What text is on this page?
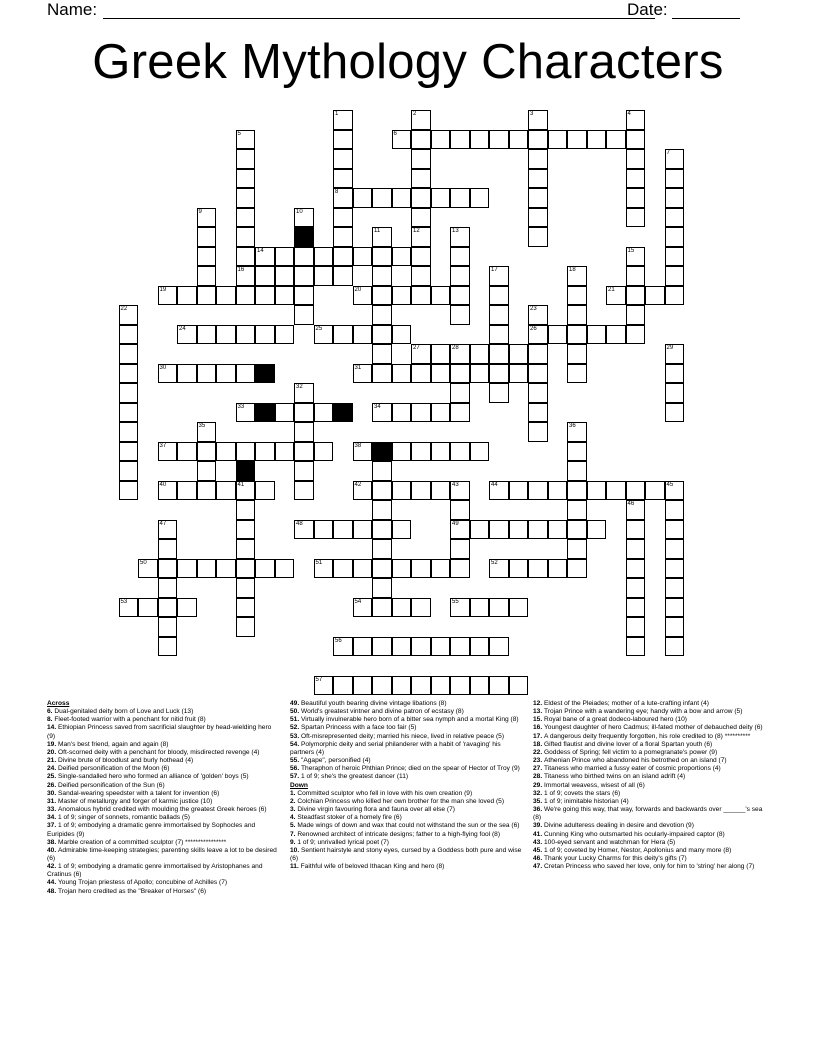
Name:	Date:
Greek Mythology Characters
6
8
14
16
19	20	21
24	25	26
27	28
30	31
33	34
37	38
40	41	42	43	44
48	49
50	51	52
53	54	55
56
57
1	2	3	4
5
7
9	10
11	12	13
15
17	18
22	23
29
32
35	36
45
46
47
Across
6. Dual-genitaled deity born of Love and Luck (13)
8. Fleet-footed warrior with a penchant for nitid fruit (8)
14. Ethiopian Princess saved from sacrificial slaughter by head-wielding hero (9)
19. Man's best friend, again and again (8)
20. Oft-scorned deity with a penchant for bloody, misdirected revenge (4)
21. Divine brute of bloodlust and burly hothead (4)
24. Deified personification of the Moon (6)
25. Single-sandalled hero who formed an alliance of 'golden' boys (5)
26. Deified personification of the Sun (6)
30. Sandal-wearing speedster with a talent for invention (6)
31. Master of metallurgy and forger of karmic justice (10)
33. Anomalous hybrid credited with moulding the greatest Greek heroes (6)
34. 1 of 9; singer of sonnets, romantic ballads (5)
37. 1 of 9; embodying a dramatic genre immortalised by Sophocles and Euripides (9)
38. Marble creation of a committed sculptor (7) ****************
40. Admirable time-keeping strategies; parenting skills leave a lot to be desired (6)
42. 1 of 9; embodying a dramatic genre immortalised by Aristophanes and Cratinus (6)
44. Young Trojan priestess of Apollo; concubine of Achilles (7)
48. Trojan hero credited as the "Breaker of Horses" (6)
49. Beautiful youth bearing divine vintage libations (8)
50. World's greatest vintner and divine patron of ecstasy (8)
51. Virtually invulnerable hero born of a bitter sea nymph and a mortal King (8)
52. Spartan Princess with a face too fair (5)
53. Oft-misrepresented deity; married his niece, lived in relative peace (5)
54. Polymorphic deity and serial philanderer with a habit of 'ravaging' his partners (4)
55. "Agape", personified (4)
56. Theraphon of heroic Phthian Prince; died on the spear of Hector of Troy (9)
57. 1 of 9; she's the greatest dancer (11)
Down
1. Committed sculptor who fell in love with his own creation (9)
2. Colchian Princess who killed her own brother for the man she loved (5)
3. Divine virgin favouring flora and fauna over all else (7)
4. Steadfast stoker of a homely fire (6)
5. Made wings of down and wax that could not withstand the sun or the sea (6)
7. Renowned architect of intricate designs; father to a high-flying fool (8)
9. 1 of 9; unrivalled lyrical poet (7)
10. Sentient hairstyle and stony eyes, cursed by a Goddess both pure and wise (6)
11. Faithful wife of beloved Ithacan King and hero (8)
12. Eldest of the Pleiades; mother of a lute-crafting infant (4)
13. Trojan Prince with a wandering eye; handy with a bow and arrow (5)
15. Royal bane of a great dodeco-laboured hero (10)
16. Youngest daughter of hero Cadmus; ill-fated mother of debauched deity (6)
17. A dangerous deity frequently forgotten, his role credited to (8) **********
18. Gifted flautist and divine lover of a floral Spartan youth (6)
22. Goddess of Spring; fell victim to a pomegranate's power (9)
23. Athenian Prince who abandoned his betrothed on an island (7)
27. Titaness who married a fussy eater of cosmic proportions (4)
28. Titaness who birthed twins on an island adrift (4)
29. Immortal weavess, wisest of all (6)
32. 1 of 9; covets the stars (6)
35. 1 of 9; inimitable historian (4)
36. We're going this way, that way, forwards and backwards over ______'s sea (8)
39. Divine adulteress dealing in desire and devotion (9)
41. Cunning King who outsmarted his ocularly-impaired captor (8)
43. 100-eyed servant and watchman for Hera (5)
45. 1 of 9; coveted by Homer, Nestor, Apollonius and many more (8)
46. Thank your Lucky Charms for this deity's gifts (7)
47. Cretan Princess who saved her love, only for him to 'string' her along (7)
